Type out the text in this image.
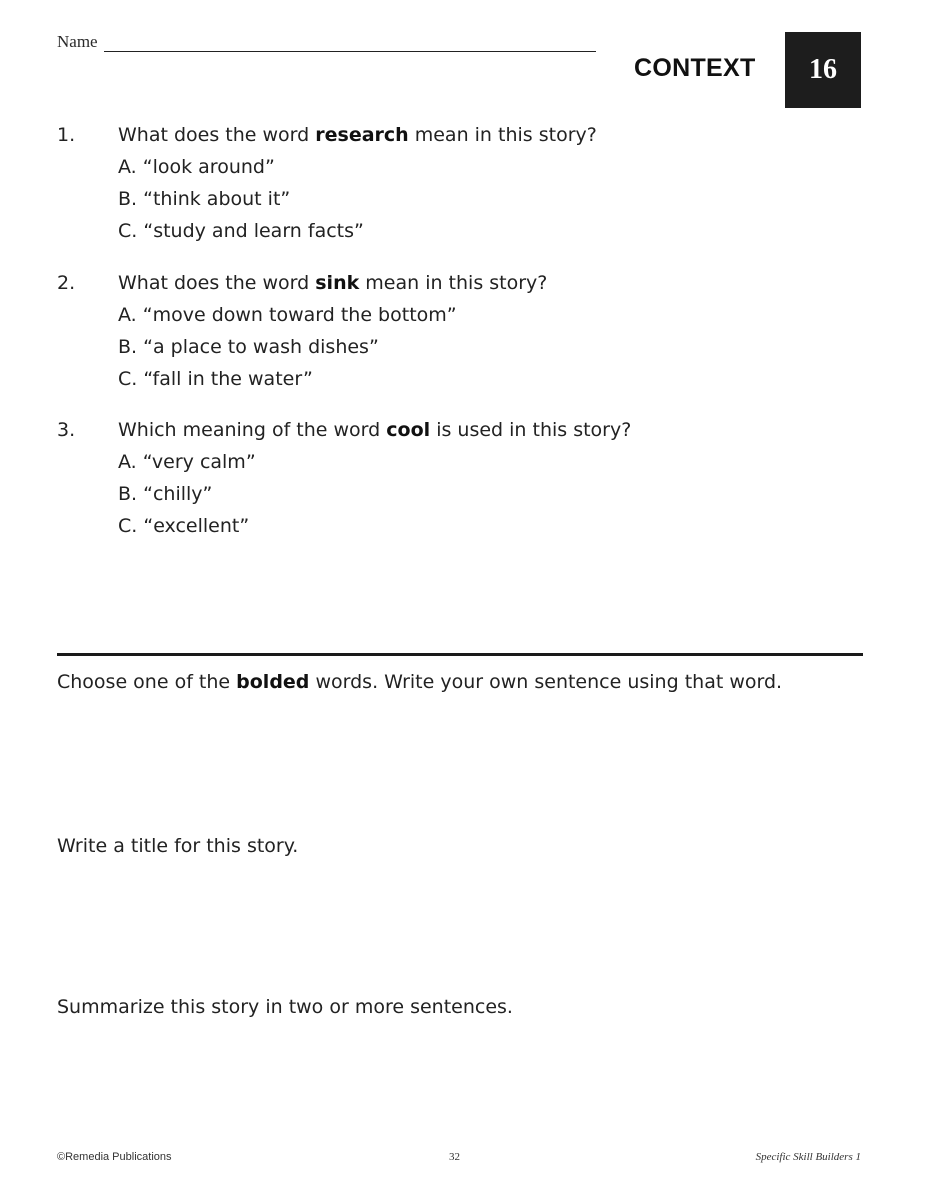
Name
CONTEXT 16
1. What does the word research mean in this story?
A. “look around”
B. “think about it”
C. “study and learn facts”
2. What does the word sink mean in this story?
A. “move down toward the bottom”
B. “a place to wash dishes”
C. “fall in the water”
3. Which meaning of the word cool is used in this story?
A. “very calm”
B. “chilly”
C. “excellent”
Choose one of the bolded words. Write your own sentence using that word.
Write a title for this story.
Summarize this story in two or more sentences.
©Remedia Publications	32	Specific Skill Builders 1
